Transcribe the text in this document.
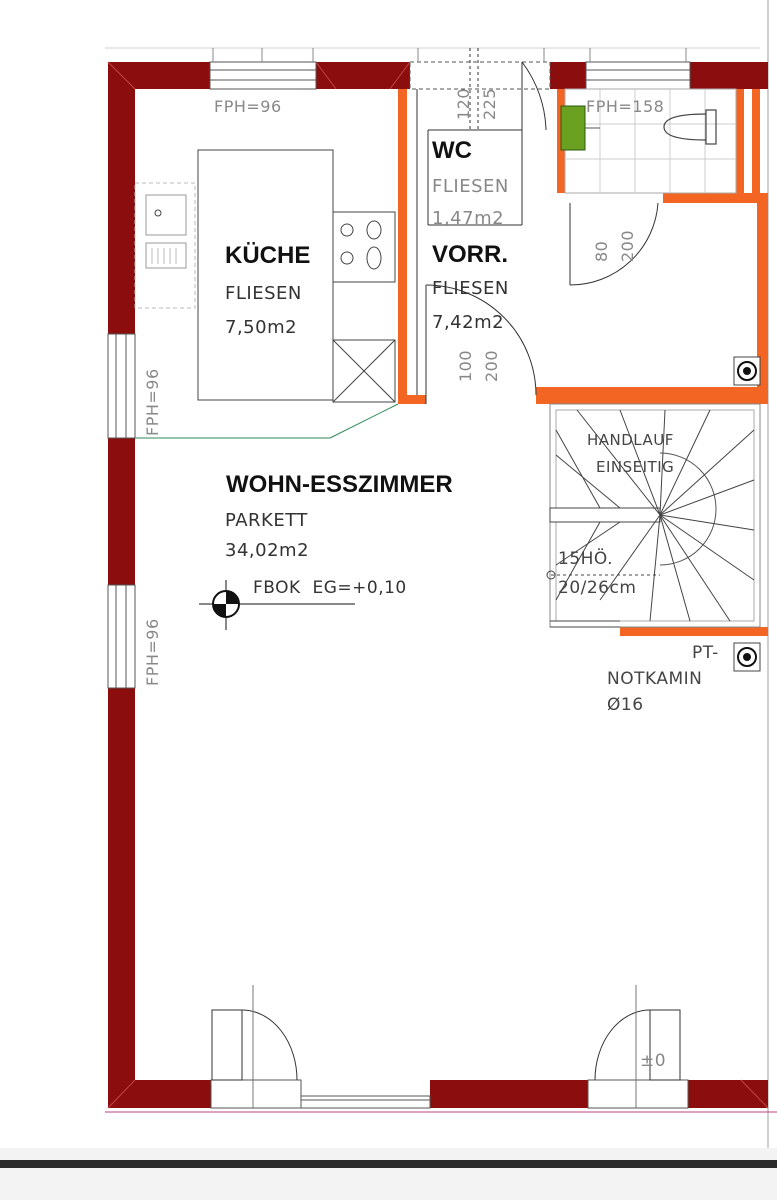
FPH=96	FPH=158
FPH=96
FPH=96
120 225
80 200
100 200
WC
FLIESEN
1,47m2
VORR.
FLIESEN
7,42m2
KÜCHE
FLIESEN
7,50m2
WOHN-ESSZIMMER
PARKETT
34,02m2
FBOK  EG=+0,10
HANDLAUF
EINSEITIG
15HÖ.
20/26cm
PT-
NOTKAMIN
Ø16
±0
